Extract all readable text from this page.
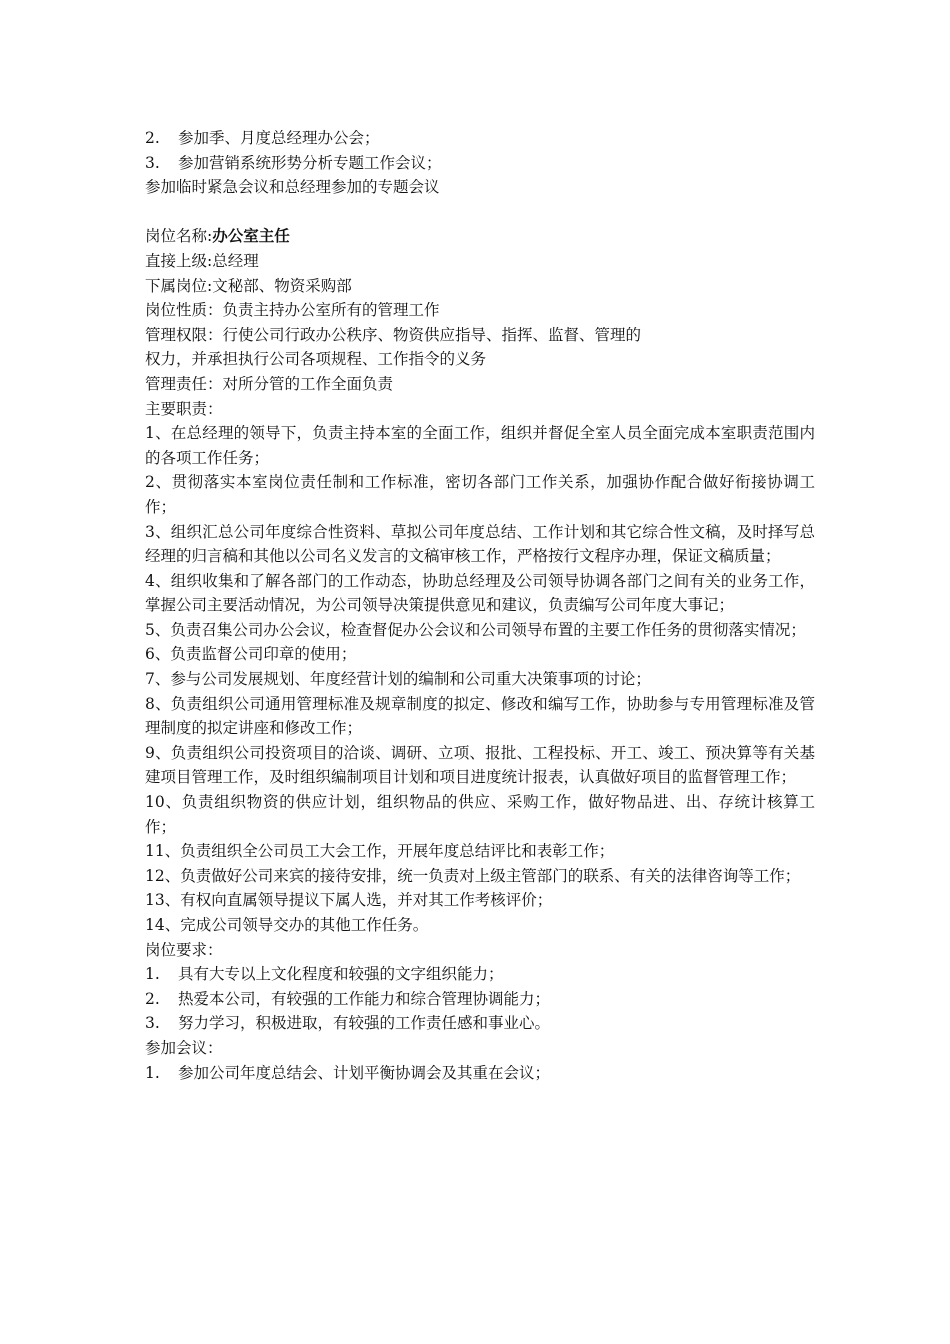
2. 参加季、月度总经理办公会；
3. 参加营销系统形势分析专题工作会议；
参加临时紧急会议和总经理参加的专题会议
岗位名称:办公室主任
直接上级:总经理
下属岗位:文秘部、物资采购部
岗位性质：负责主持办公室所有的管理工作
管理权限：行使公司行政办公秩序、物资供应指导、指挥、监督、管理的
权力，并承担执行公司各项规程、工作指令的义务
管理责任：对所分管的工作全面负责
主要职责：
1、在总经理的领导下，负责主持本室的全面工作，组织并督促全室人员全面完成本室职责范围内的各项工作任务；
2、贯彻落实本室岗位责任制和工作标准，密切各部门工作关系，加强协作配合做好衔接协调工作；
3、组织汇总公司年度综合性资料、草拟公司年度总结、工作计划和其它综合性文稿，及时择写总经理的归言稿和其他以公司名义发言的文稿审核工作，严格按行文程序办理，保证文稿质量；
4、组织收集和了解各部门的工作动态，协助总经理及公司领导协调各部门之间有关的业务工作，掌握公司主要活动情况，为公司领导决策提供意见和建议，负责编写公司年度大事记；
5、负责召集公司办公会议，检查督促办公会议和公司领导布置的主要工作任务的贯彻落实情况；
6、负责监督公司印章的使用；
7、参与公司发展规划、年度经营计划的编制和公司重大决策事项的讨论；
8、负责组织公司通用管理标准及规章制度的拟定、修改和编写工作，协助参与专用管理标准及管理制度的拟定讲座和修改工作；
9、负责组织公司投资项目的洽谈、调研、立项、报批、工程投标、开工、竣工、预决算等有关基建项目管理工作，及时组织编制项目计划和项目进度统计报表，认真做好项目的监督管理工作；
10、负责组织物资的供应计划，组织物品的供应、采购工作，做好物品进、出、存统计核算工作；
11、负责组织全公司员工大会工作，开展年度总结评比和表彰工作；
12、负责做好公司来宾的接待安排，统一负责对上级主管部门的联系、有关的法律咨询等工作；
13、有权向直属领导提议下属人选，并对其工作考核评价；
14、完成公司领导交办的其他工作任务。
岗位要求：
1. 具有大专以上文化程度和较强的文字组织能力；
2. 热爱本公司，有较强的工作能力和综合管理协调能力；
3. 努力学习，积极进取，有较强的工作责任感和事业心。
参加会议：
1. 参加公司年度总结会、计划平衡协调会及其重在会议；
